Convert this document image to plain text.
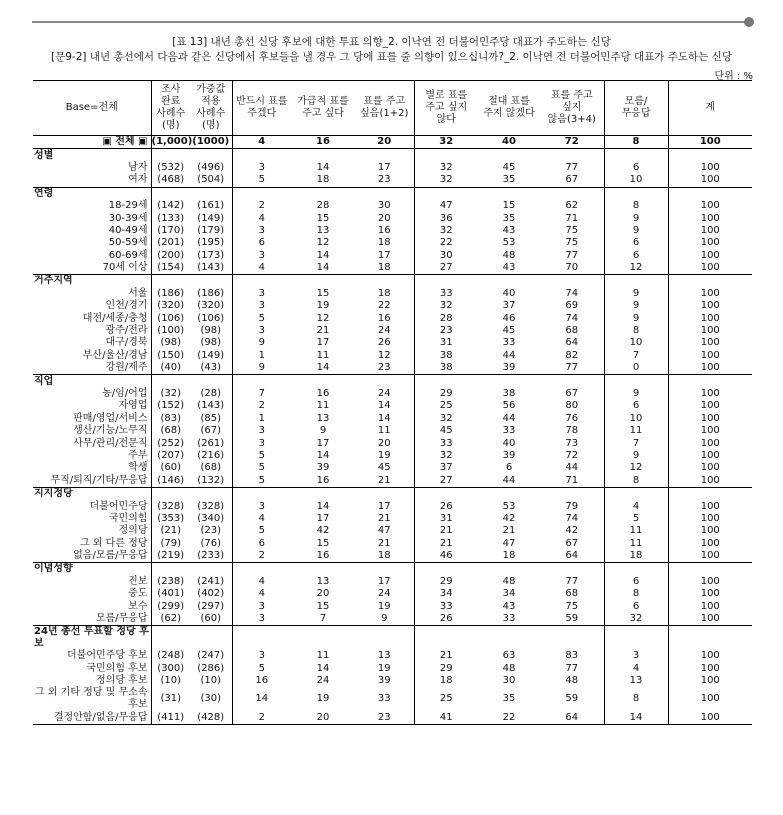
[표 13] 내년 총선 신당 후보에 대한 투표 의향_2. 이낙연 전 더불어민주당 대표가 주도하는 신당
[문9-2] 내년 총선에서 다음과 같은 신당에서 후보들을 낼 경우 그 당에 표를 줄 의향이 있으십니까?_2. 이낙연 전 더불어민주당 대표가 주도하는 신당
단위 : %
Base=전체	조사
완료
사례수
(명)	가중값
적용
사례수
(명)	반드시 표를
주겠다	가급적 표를
주고 싶다	표를 주고
싶음(1+2)	별로 표를
주고 싶지
않다	절대 표를
주지 않겠다	표를 주고
싶지
않음(3+4)	모름/
무응답	계
▣ 전체 ▣	(1,000)	(1000)	4	16	20	32	40	72	8	100
성별										
남자	(532)	(496)	3	14	17	32	45	77	6	100
여자	(468)	(504)	5	18	23	32	35	67	10	100
연령										
18-29세	(142)	(161)	2	28	30	47	15	62	8	100
30-39세	(133)	(149)	4	15	20	36	35	71	9	100
40-49세	(170)	(179)	3	13	16	32	43	75	9	100
50-59세	(201)	(195)	6	12	18	22	53	75	6	100
60-69세	(200)	(173)	3	14	17	30	48	77	6	100
70세 이상	(154)	(143)	4	14	18	27	43	70	12	100
거주지역										
서울	(186)	(186)	3	15	18	33	40	74	9	100
인천/경기	(320)	(320)	3	19	22	32	37	69	9	100
대전/세종/충청	(106)	(106)	5	12	16	28	46	74	9	100
광주/전라	(100)	(98)	3	21	24	23	45	68	8	100
대구/경북	(98)	(98)	9	17	26	31	33	64	10	100
부산/울산/경남	(150)	(149)	1	11	12	38	44	82	7	100
강원/제주	(40)	(43)	9	14	23	38	39	77	0	100
직업										
농/임/어업	(32)	(28)	7	16	24	29	38	67	9	100
자영업	(152)	(143)	2	11	14	25	56	80	6	100
판매/영업/서비스	(83)	(85)	1	13	14	32	44	76	10	100
생산/기능/노무직	(68)	(67)	3	9	11	45	33	78	11	100
사무/관리/전문직	(252)	(261)	3	17	20	33	40	73	7	100
주부	(207)	(216)	5	14	19	32	39	72	9	100
학생	(60)	(68)	5	39	45	37	6	44	12	100
무직/퇴직/기타/무응답	(146)	(132)	5	16	21	27	44	71	8	100
지지정당										
더불어민주당	(328)	(328)	3	14	17	26	53	79	4	100
국민의힘	(353)	(340)	4	17	21	31	42	74	5	100
정의당	(21)	(23)	5	42	47	21	21	42	11	100
그 외 다른 정당	(79)	(76)	6	15	21	21	47	67	11	100
없음/모름/무응답	(219)	(233)	2	16	18	46	18	64	18	100
이념성향										
진보	(238)	(241)	4	13	17	29	48	77	6	100
중도	(401)	(402)	4	20	24	34	34	68	8	100
보수	(299)	(297)	3	15	19	33	43	75	6	100
모름/무응답	(62)	(60)	3	7	9	26	33	59	32	100
24년 총선 투표할 정당 후보										
더불어민주당 후보	(248)	(247)	3	11	13	21	63	83	3	100
국민의힘 후보	(300)	(286)	5	14	19	29	48	77	4	100
정의당 후보	(10)	(10)	16	24	39	18	30	48	13	100
그 외 기타 정당 및 무소속 후보	(31)	(30)	14	19	33	25	35	59	8	100
결정안함/없음/무응답	(411)	(428)	2	20	23	41	22	64	14	100
